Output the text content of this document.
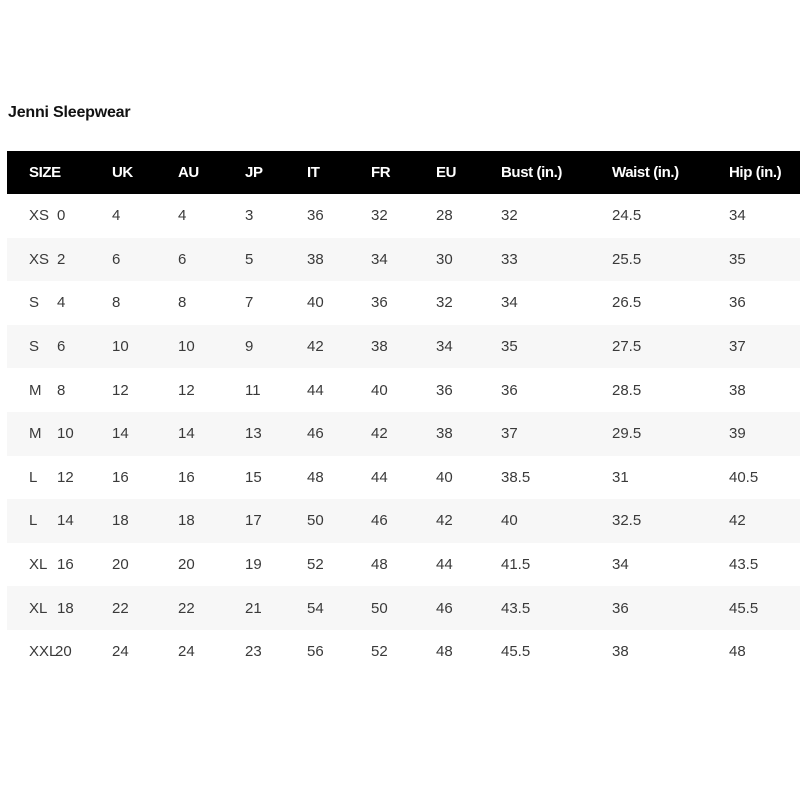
Jenni Sleepwear
SIZE	UK	AU	JP	IT	FR	EU	Bust (in.)	Waist (in.)	Hip (in.)
XS 0	4	4	3	36	32	28	32	24.5	34
XS 2	6	6	5	38	34	30	33	25.5	35
S 4	8	8	7	40	36	32	34	26.5	36
S 6	10	10	9	42	38	34	35	27.5	37
M 8	12	12	11	44	40	36	36	28.5	38
M 10	14	14	13	46	42	38	37	29.5	39
L 12	16	16	15	48	44	40	38.5	31	40.5
L 14	18	18	17	50	46	42	40	32.5	42
XL 16	20	20	19	52	48	44	41.5	34	43.5
XL 18	22	22	21	54	50	46	43.5	36	45.5
XXL20	24	24	23	56	52	48	45.5	38	48
